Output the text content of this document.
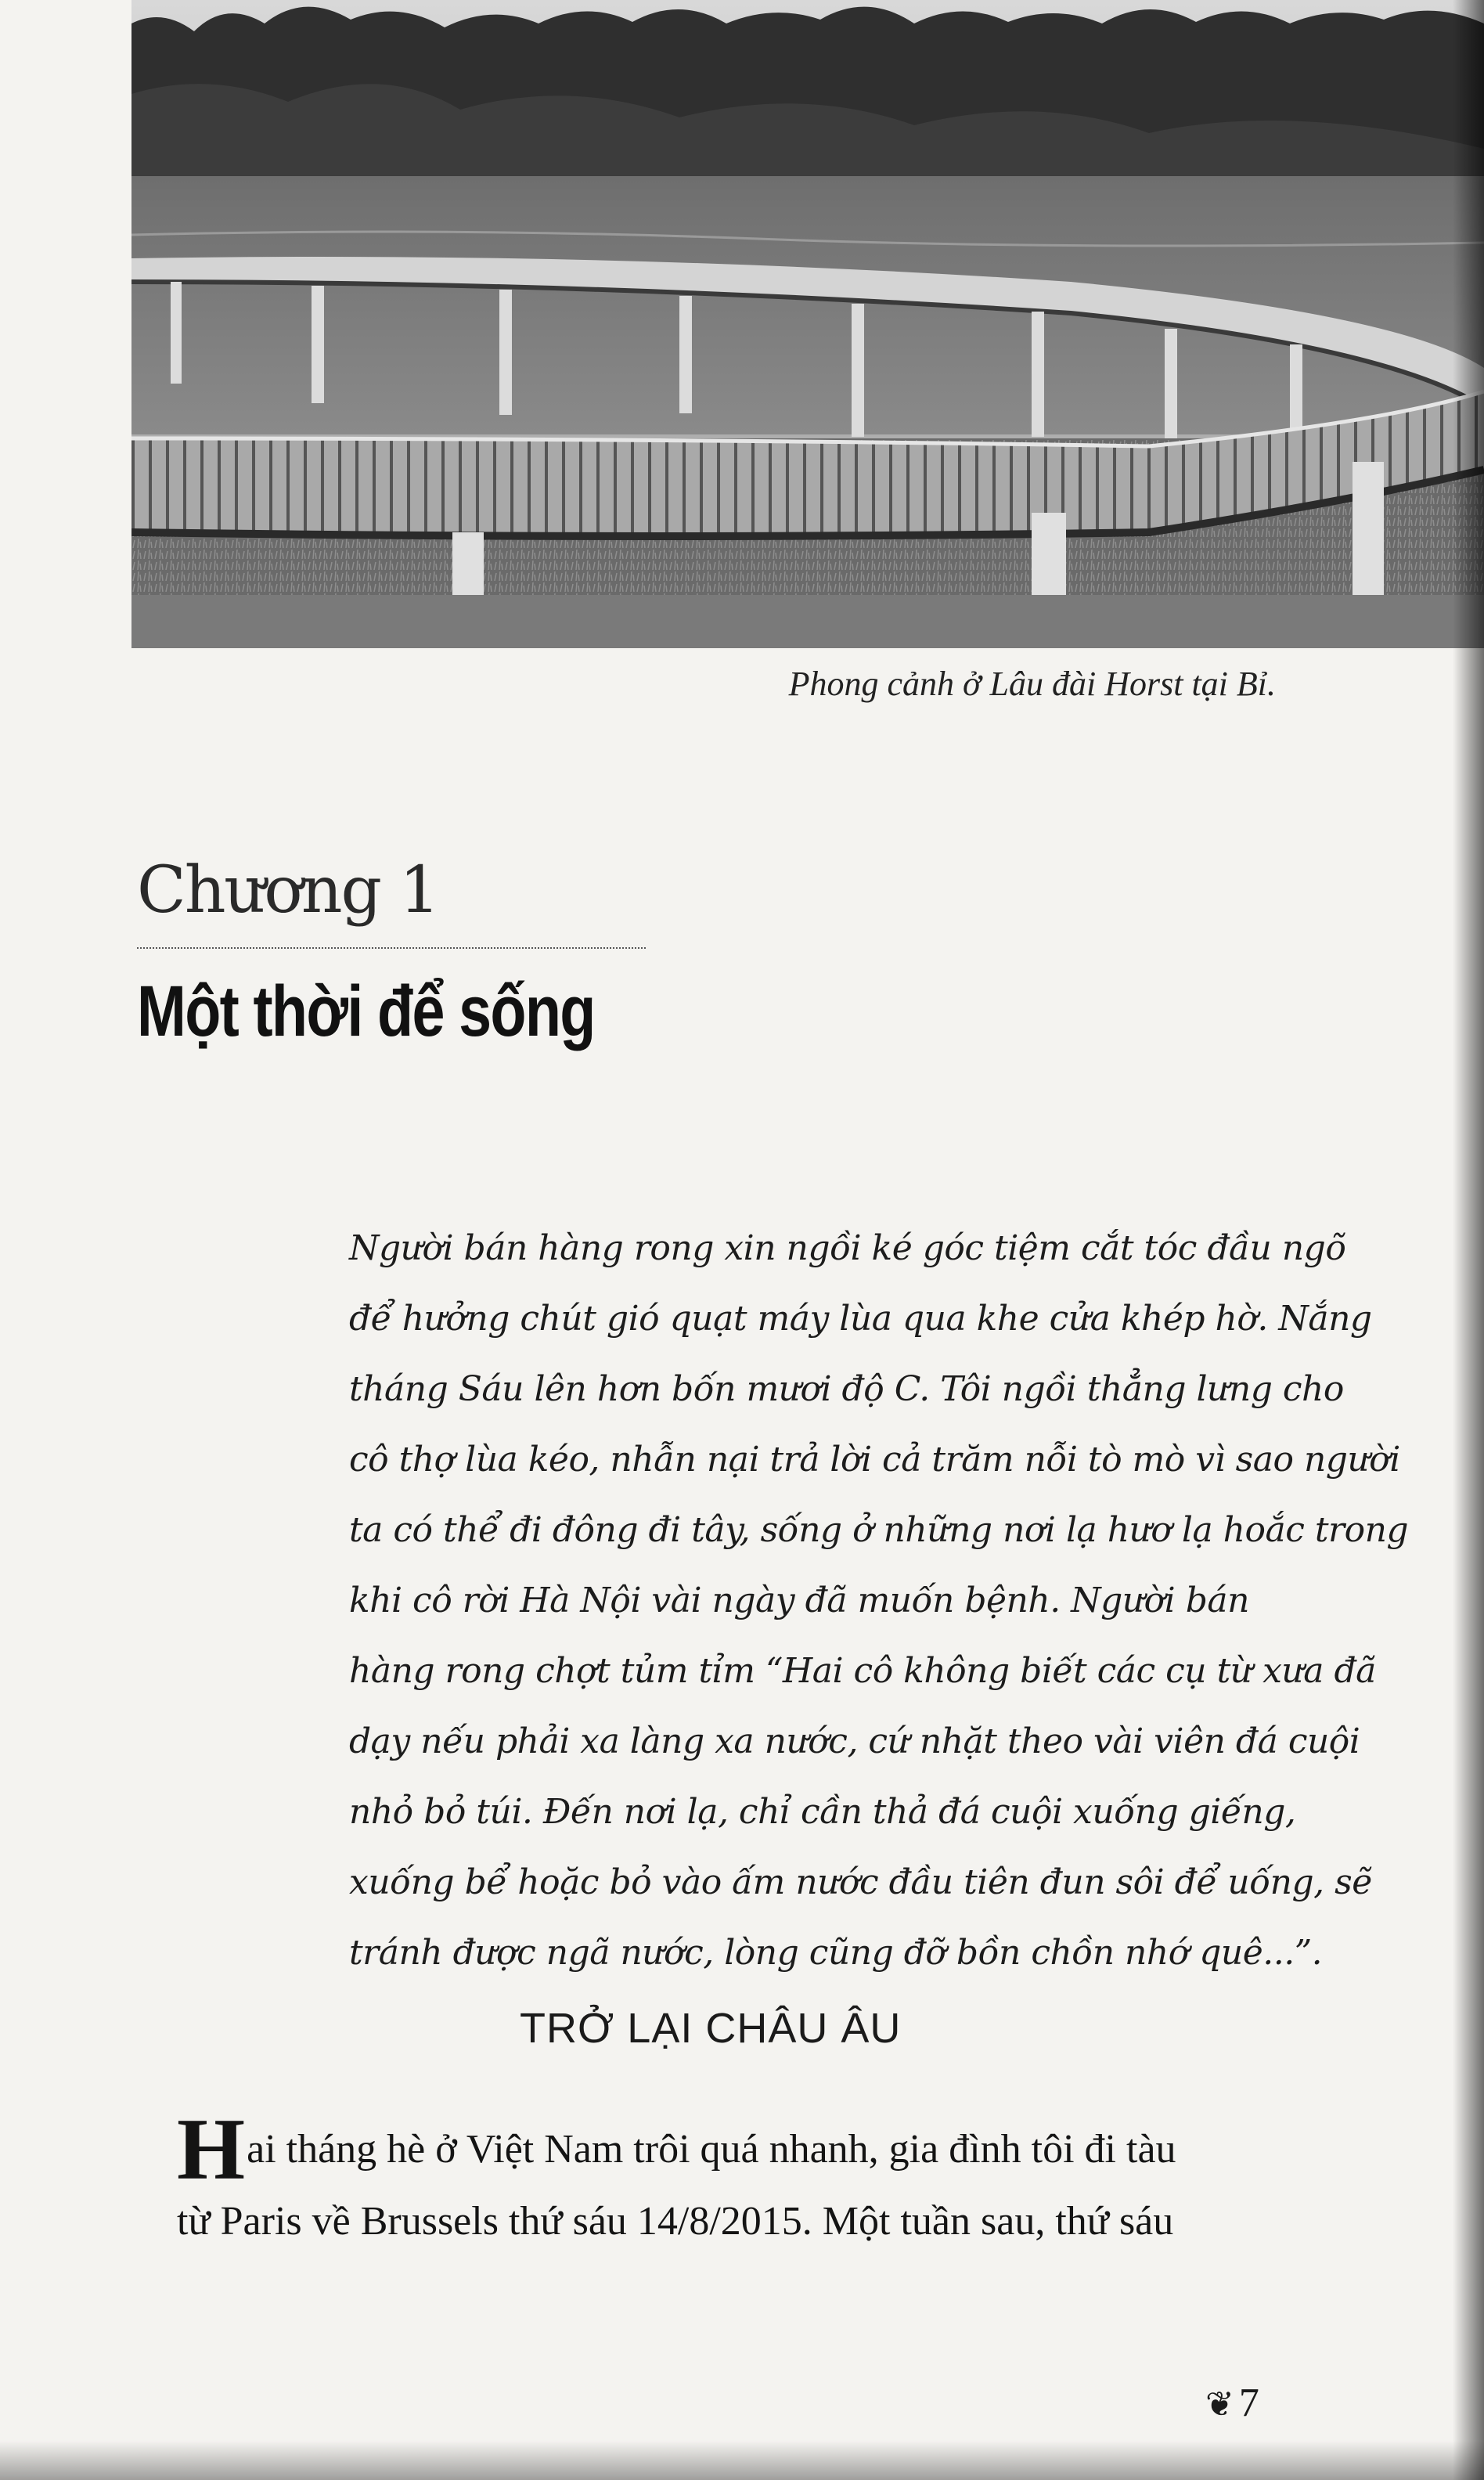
Phong cảnh ở Lâu đài Horst tại Bỉ.
Chương 1
Một thời để sống
Người bán hàng rong xin ngồi ké góc tiệm cắt tóc đầu ngõ
để hưởng chút gió quạt máy lùa qua khe cửa khép hờ. Nắng
tháng Sáu lên hơn bốn mươi độ C. Tôi ngồi thẳng lưng cho
cô thợ lùa kéo, nhẫn nại trả lời cả trăm nỗi tò mò vì sao người
ta có thể đi đông đi tây, sống ở những nơi lạ hươ lạ hoắc trong
khi cô rời Hà Nội vài ngày đã muốn bệnh. Người bán
hàng rong chợt tủm tỉm “Hai cô không biết các cụ từ xưa đã
dạy nếu phải xa làng xa nước, cứ nhặt theo vài viên đá cuội
nhỏ bỏ túi. Đến nơi lạ, chỉ cần thả đá cuội xuống giếng,
xuống bể hoặc bỏ vào ấm nước đầu tiên đun sôi để uống, sẽ
tránh được ngã nước, lòng cũng đỡ bồn chồn nhớ quê...”.
TRỞ LẠI CHÂU ÂU
Hai tháng hè ở Việt Nam trôi quá nhanh, gia đình tôi đi tàu
từ Paris về Brussels thứ sáu 14/8/2015. Một tuần sau, thứ sáu
❦ 7
